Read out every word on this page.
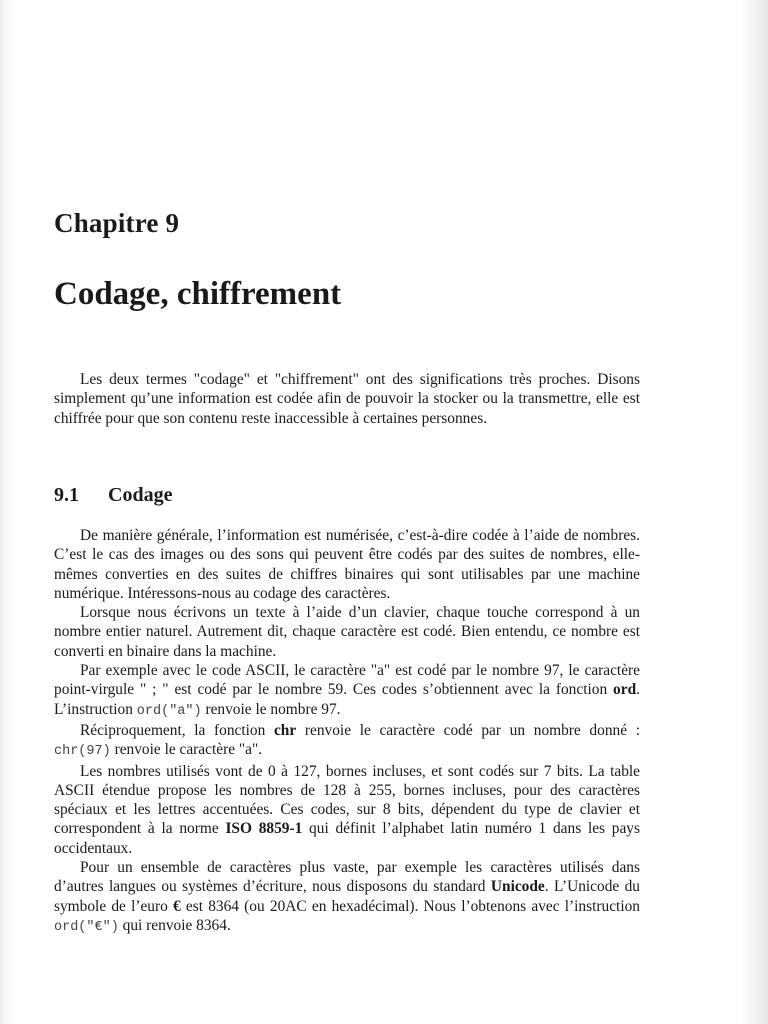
Chapitre 9
Codage, chiffrement

Les deux termes "codage" et "chiffrement" ont des significations très proches. Disons simplement qu’une information est codée afin de pouvoir la stocker ou la transmettre, elle est chiffrée pour que son contenu reste inaccessible à certaines personnes.

9.1 Codage

De manière générale, l’information est numérisée, c’est-à-dire codée à l’aide de nombres. C’est le cas des images ou des sons qui peuvent être codés par des suites de nombres, elle-mêmes converties en des suites de chiffres binaires qui sont utilisables par une machine numérique. Intéressons-nous au codage des caractères.

Lorsque nous écrivons un texte à l’aide d’un clavier, chaque touche correspond à un nombre entier naturel. Autrement dit, chaque caractère est codé. Bien entendu, ce nombre est converti en binaire dans la machine.

Par exemple avec le code ASCII, le caractère "a" est codé par le nombre 97, le caractère point-virgule " ; " est codé par le nombre 59. Ces codes s’obtiennent avec la fonction ord. L’instruction ord("a") renvoie le nombre 97.

Réciproquement, la fonction chr renvoie le caractère codé par un nombre donné : chr(97) renvoie le caractère "a".

Les nombres utilisés vont de 0 à 127, bornes incluses, et sont codés sur 7 bits. La table ASCII étendue propose les nombres de 128 à 255, bornes incluses, pour des caractères spéciaux et les lettres accentuées. Ces codes, sur 8 bits, dépendent du type de clavier et correspondent à la norme ISO 8859-1 qui définit l’alphabet latin numéro 1 dans les pays occidentaux.

Pour un ensemble de caractères plus vaste, par exemple les caractères utilisés dans d’autres langues ou systèmes d’écriture, nous disposons du standard Unicode. L’Unicode du symbole de l’euro € est 8364 (ou 20AC en hexadécimal). Nous l’obtenons avec l’instruction ord("€") qui renvoie 8364.
